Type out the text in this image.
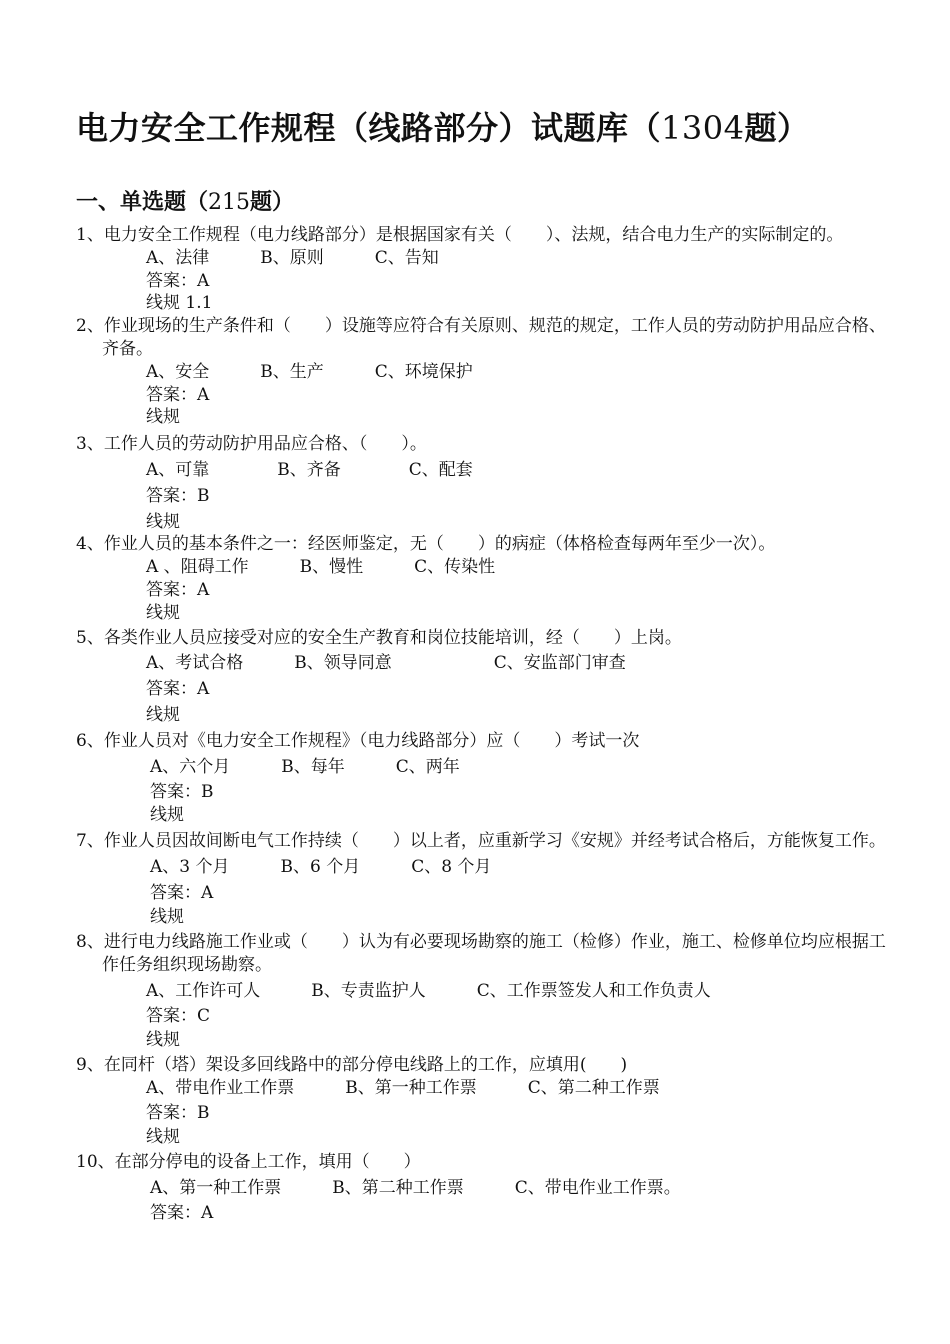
电力安全工作规程（线路部分）试题库（1304题）
一、单选题（215题）

1、电力安全工作规程（电力线路部分）是根据国家有关（　　）、法规，结合电力生产的实际制定的。

A、法律　　　B、原则　　　C、告知

答案：A

线规 1.1

2、作业现场的生产条件和（　　）设施等应符合有关原则、规范的规定，工作人员的劳动防护用品应合格、齐备。

A、安全　　　B、生产　　　C、环境保护

答案：A

线规

3、工作人员的劳动防护用品应合格、（　　）。

A、可靠　　　　B、齐备　　　　C、配套

答案：B

线规

4、作业人员的基本条件之一：经医师鉴定，无（　　）的病症（体格检查每两年至少一次）。

A 、阻碍工作　　　B、慢性　　　C、传染性

答案：A

线规

5、各类作业人员应接受对应的安全生产教育和岗位技能培训，经（　　）上岗。

A、考试合格　　　B、领导同意　　　　　　C、安监部门审查

答案：A

线规

6、作业人员对《电力安全工作规程》（电力线路部分）应（　　）考试一次

A、六个月　　　B、每年　　　C、两年

答案：B

线规

7、作业人员因故间断电气工作持续（　　）以上者，应重新学习《安规》并经考试合格后，方能恢复工作。

A、3 个月　　　B、6 个月　　　C、8 个月

答案：A

线规

8、进行电力线路施工作业或（　　）认为有必要现场勘察的施工（检修）作业，施工、检修单位均应根据工作任务组织现场勘察。

A、工作许可人　　　B、专责监护人　　　C、工作票签发人和工作负责人

答案：C

线规

9、在同杆（塔）架设多回线路中的部分停电线路上的工作，应填用(　　)

A、带电作业工作票　　　B、第一种工作票　　　C、第二种工作票

答案：B

线规

10、在部分停电的设备上工作，填用（　　）

A、第一种工作票　　　B、第二种工作票　　　C、带电作业工作票。

答案：A
